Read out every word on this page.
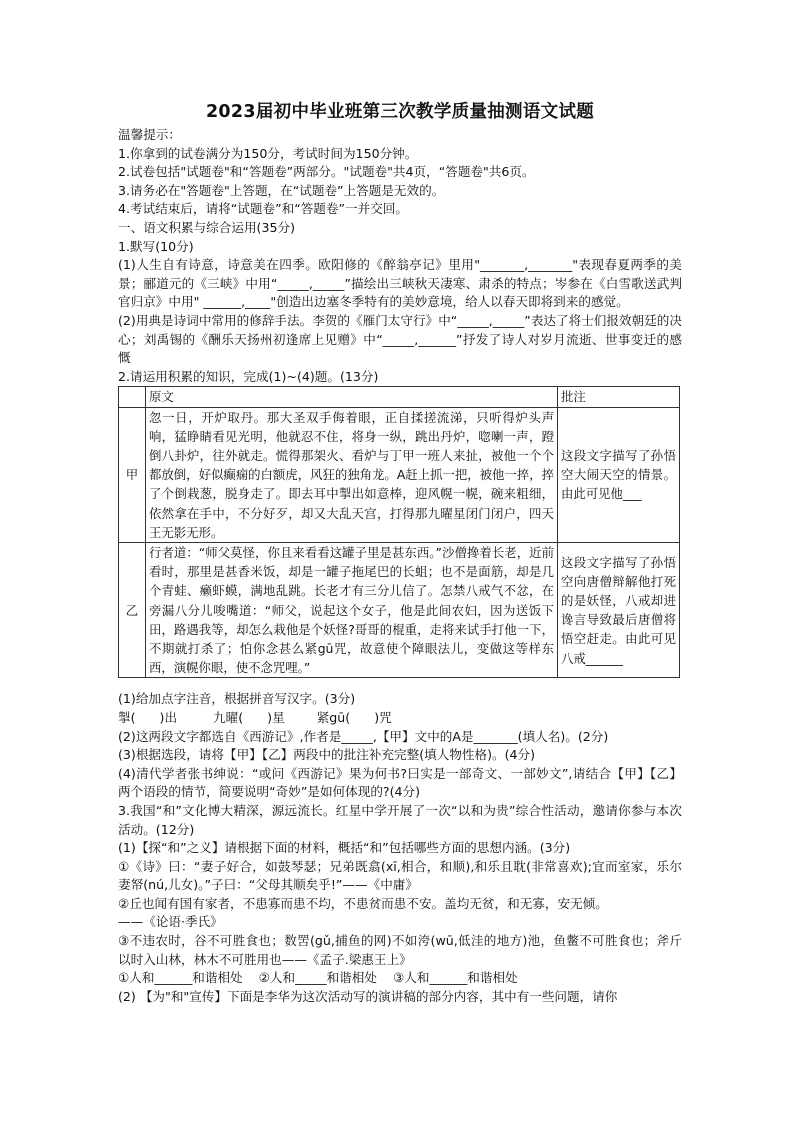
2023届初中毕业班第三次教学质量抽测语文试题
温馨提示：
1.你拿到的试卷满分为150分，考试时间为150分钟。
2.试卷包括"试题卷"和“答题卷”两部分。"试题卷"共4页，“答题卷"共6页。
3.请务必在"答题卷"上答题，在“试题卷”上答题是无效的。
4.考试结束后，请将“试题卷”和“答题卷”一并交回。
一、语文积累与综合运用(35分)
1.默写(10分)
(1)人生自有诗意，诗意美在四季。欧阳修的《醉翁亭记》里用"_______,_______"表现春夏两季的美景；郦道元的《三峡》中用“_____,_____”描绘出三峡秋天凄寒、肃杀的特点；岑参在《白雪歌送武判官归京》中用" ______,____"创造出边塞冬季特有的美妙意境，给人以春天即将到来的感觉。
(2)用典是诗词中常用的修辞手法。李贺的《雁门太守行》中“_____,_____”表达了将士们报效朝廷的决心；刘禹锡的《酬乐天扬州初逢席上见赠》中“_____,______”抒发了诗人对岁月流逝、世事变迁的感慨
2.请运用积累的知识，完成(1)~(4)题。(13分)
	原文	批注
甲	忽一日，开炉取丹。那大圣双手侮着眼，正自揉搓流涕，只听得炉头声响，猛睁睛看见光明，他就忍不住，将身一纵，跳出丹炉，唿喇一声，蹬倒八卦炉，往外就走。慌得那架火、看炉与丁甲一班人来扯，被他一个个都放倒，好似癫痫的白额虎，风狂的独角龙。A赶上抓一把，被他一捽，捽了个倒栽葱，脱身走了。即去耳中掣出如意棒，迎风幌一幌，碗来粗细，依然拿在手中，不分好歹，却又大乱天宫，打得那九曜星闭门闭户，四天王无影无形。	这段文字描写了孙悟空大闹天空的情景。由此可见他___
乙	行者道：“师父莫怪，你且来看看这罐子里是甚东西。”沙僧搀着长老，近前看时，那里是甚香米饭，却是一罐子拖尾巴的长蛆；也不是面筋，却是几个青蛙、癞虾蟆，满地乱跳。长老才有三分儿信了。怎禁八戒气不忿，在旁漏八分儿唆嘴道：“师父，说起这个女子，他是此间农妇，因为送饭下田，路遇我等，却怎么栽他是个妖怪?哥哥的棍重，走将来试手打他一下，不期就打杀了；怕你念甚么紧gū咒，故意使个障眼法儿，变做这等样东西，演幌你眼，使不念咒哩。”	这段文字描写了孙悟空向唐僧辩解他打死的是妖怪，八戒却进谗言导致最后唐僧将悟空赶走。由此可见八戒______
(1)给加点字注音，根据拼音写汉字。(3分)
掣(      )出         九曜(      )星        紧gū(      )咒
(2)这两段文字都选自《西游记》,作者是_____,【甲】文中的A是_______(填人名)。(2分)
(3)根据选段，请将【甲】【乙】两段中的批注补充完整(填人物性格)。(4分)
(4)清代学者张书绅说：“或问《西游记》果为何书?曰实是一部奇文、一部妙文”,请结合【甲】【乙】两个语段的情节，简要说明“奇妙”是如何体现的?(4分)
3.我国“和”文化博大精深，源远流长。红星中学开展了一次“以和为贵”综合性活动，邀请你参与本次活动。(12分)
(1)【探“和”之义】请根据下面的材料，概括“和”包括哪些方面的思想内涵。(3分)
①《诗》曰：“妻子好合，如鼓琴瑟；兄弟既翕(xī,相合，和顺),和乐且耽(非常喜欢);宜而室家，乐尔妻帑(nú,儿女)。”子曰：“父母其顺矣乎!”——《中庸》
②丘也闻有国有家者，不患寡而患不均，不患贫而患不安。盖均无贫，和无寡，安无倾。
——《论语·季氏》
③不违农时，谷不可胜食也；数罟(gǔ,捕鱼的网)不如洿(wū,低洼的地方)池，鱼鳖不可胜食也；斧斤以时入山林，林木不可胜用也——《孟子.梁惠王上》
①人和______和谐相处    ②人和_____和谐相处    ③人和______和谐相处
(2) 【为"和"宣传】下面是李华为这次活动写的演讲稿的部分内容，其中有一些问题，请你
